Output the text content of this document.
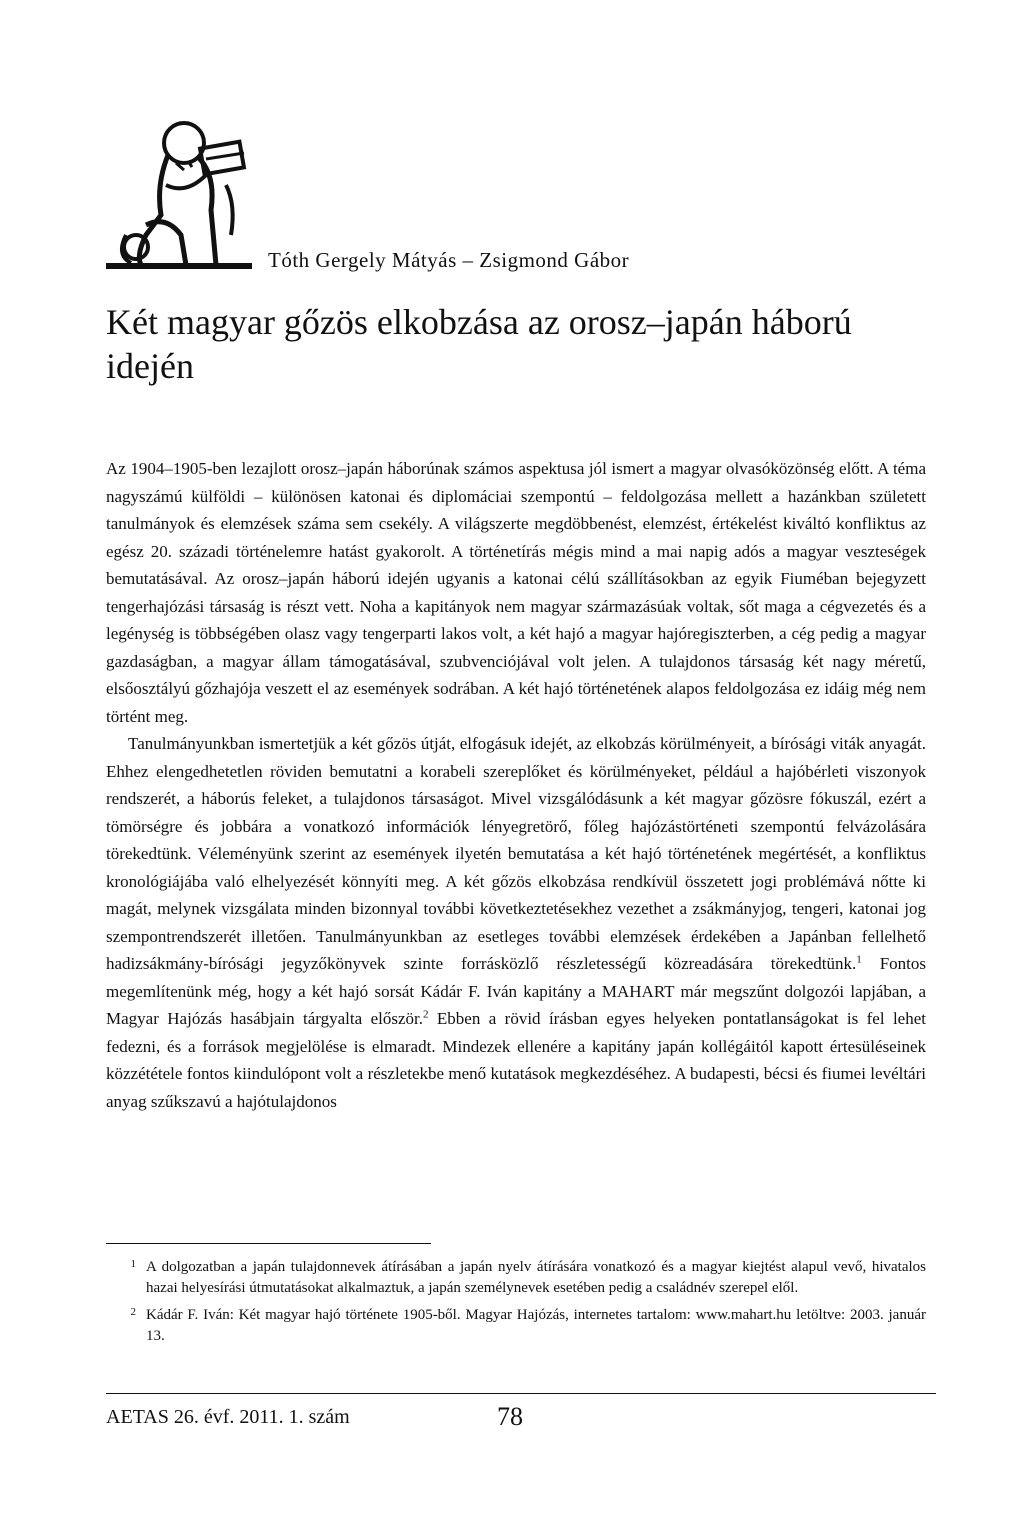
Tóth Gergely Mátyás – Zsigmond Gábor
Két magyar gőzös elkobzása az orosz–japán háború idején

Az 1904–1905-ben lezajlott orosz–japán háborúnak számos aspektusa jól ismert a magyar olvasóközönség előtt. A téma nagyszámú külföldi – különösen katonai és diplomáciai szempontú – feldolgozása mellett a hazánkban született tanulmányok és elemzések száma sem csekély. A világszerte megdöbbenést, elemzést, értékelést kiváltó konfliktus az egész 20. századi történelemre hatást gyakorolt. A történetírás mégis mind a mai napig adós a magyar veszteségek bemutatásával. Az orosz–japán háború idején ugyanis a katonai célú szállításokban az egyik Fiuméban bejegyzett tengerhajózási társaság is részt vett. Noha a kapitányok nem magyar származásúak voltak, sőt maga a cégvezetés és a legénység is többségében olasz vagy tengerparti lakos volt, a két hajó a magyar hajóregiszterben, a cég pedig a magyar gazdaságban, a magyar állam támogatásával, szubvenciójával volt jelen. A tulajdonos társaság két nagy méretű, elsőosztályú gőzhajója veszett el az események sodrában. A két hajó történetének alapos feldolgozása ez idáig még nem történt meg.

Tanulmányunkban ismertetjük a két gőzös útját, elfogásuk idejét, az elkobzás körülményeit, a bírósági viták anyagát. Ehhez elengedhetetlen röviden bemutatni a korabeli szereplőket és körülményeket, például a hajóbérleti viszonyok rendszerét, a háborús feleket, a tulajdonos társaságot. Mivel vizsgálódásunk a két magyar gőzösre fókuszál, ezért a tömörségre és jobbára a vonatkozó információk lényegretörő, főleg hajózástörténeti szempontú felvázolására törekedtünk. Véleményünk szerint az események ilyetén bemutatása a két hajó történetének megértését, a konfliktus kronológiájába való elhelyezését könnyíti meg. A két gőzös elkobzása rendkívül összetett jogi problémává nőtte ki magát, melynek vizsgálata minden bizonnyal további következtetésekhez vezethet a zsákmányjog, tengeri, katonai jog szempontrendszerét illetően. Tanulmányunkban az esetleges további elemzések érdekében a Japánban fellelhető hadizsákmány-bírósági jegyzőkönyvek szinte forrásközlő részletességű közreadására törekedtünk.$^1$ Fontos megemlítenünk még, hogy a két hajó sorsát Kádár F. Iván kapitány a MAHART már megszűnt dolgozói lapjában, a Magyar Hajózás hasábjain tárgyalta először.$^2$ Ebben a rövid írásban egyes helyeken pontatlanságokat is fel lehet fedezni, és a források megjelölése is elmaradt. Mindezek ellenére a kapitány japán kollégáitól kapott értesüléseinek közzététele fontos kiindulópont volt a részletekbe menő kutatások megkezdéséhez. A budapesti, bécsi és fiumei levéltári anyag szűkszavú a hajótulajdonos

1 A dolgozatban a japán tulajdonnevek átírásában a japán nyelv átírására vonatkozó és a magyar kiejtést alapul vevő, hivatalos hazai helyesírási útmutatásokat alkalmaztuk, a japán személynevek esetében pedig a családnév szerepel elől.
2 Kádár F. Iván: Két magyar hajó története 1905-ből. Magyar Hajózás, internetes tartalom: www.mahart.hu letöltve: 2003. január 13.
AETAS 26. évf. 2011. 1. szám	78
